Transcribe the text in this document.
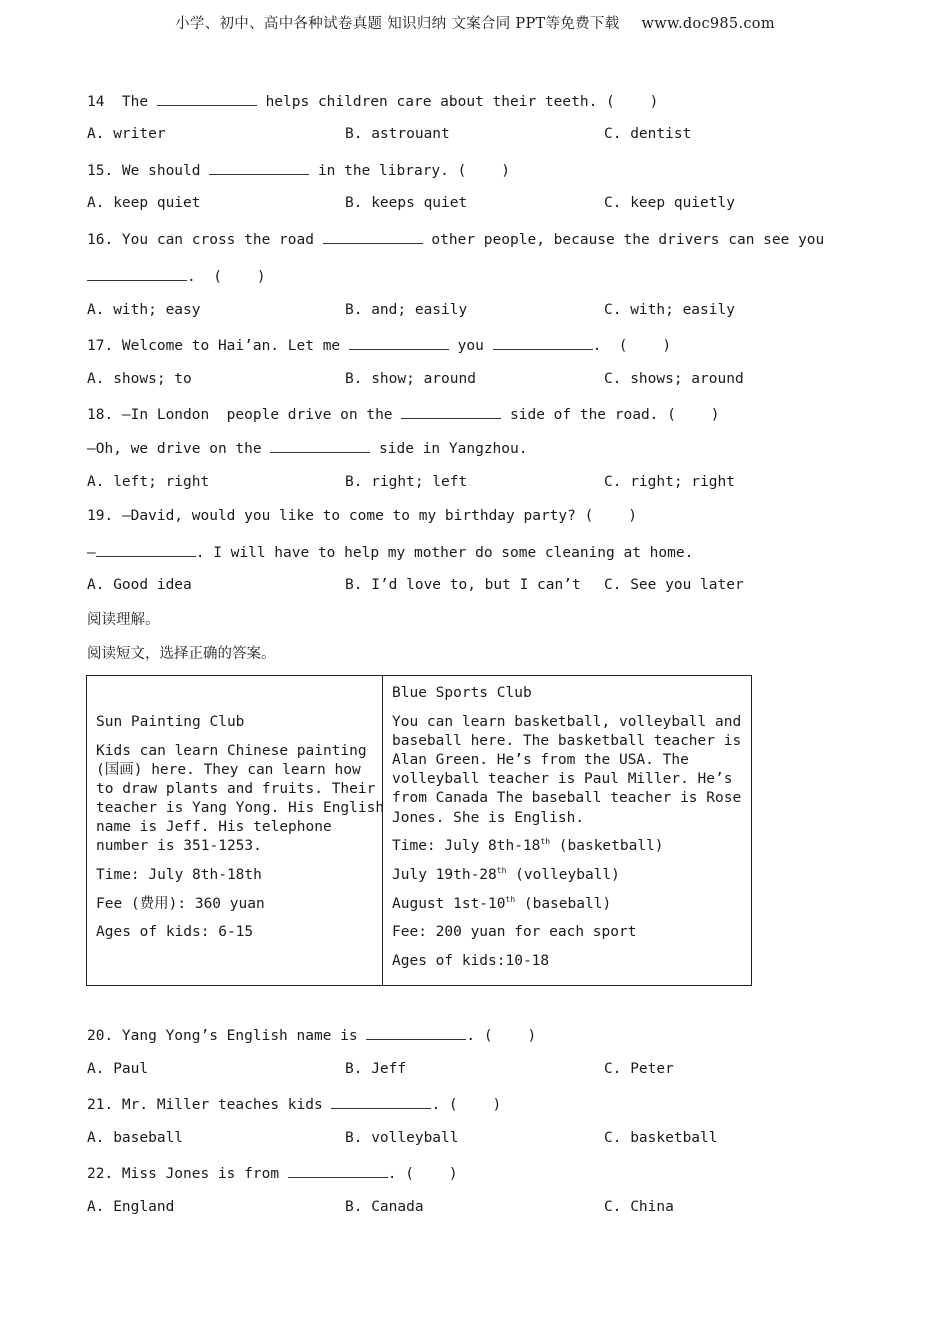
小学、初中、高中各种试卷真题 知识归纳 文案合同 PPT等免费下载 www.doc985.com
14  The	helps children care about their teeth. (    )
A. writer	B. astrouant	C. dentist
15. We should	in the library. (    )
A. keep quiet	B. keeps quiet	C. keep quietly
16. You can cross the road	other people, because the drivers can see you
.  (    )
A. with; easy	B. and; easily	C. with; easily
17. Welcome to Hai’an. Let me	you	.  (    )
A. shows; to	B. show; around	C. shows; around
18. —In London  people drive on the	side of the road. (    )
—Oh, we drive on the	side in Yangzhou.
A. left; right	B. right; left	C. right; right
19. —David, would you like to come to my birthday party? (    )
—	. I will have to help my mother do some cleaning at home.
A. Good idea	B. I’d love to, but I can’t C. See you later
阅读理解。
阅读短文，选择正确的答案。

Sun Painting Club

Kids can learn Chinese painting

(国画) here. They can learn how

to draw plants and fruits. Their

teacher is Yang Yong. His English

name is Jeff. His telephone

number is 351-1253.

Time: July 8th-18th

Fee (费用): 360 yuan

Ages of kids: 6-15

Blue Sports Club

You can learn basketball, volleyball and

baseball here. The basketball teacher is

Alan Green. He’s from the USA. The

volleyball teacher is Paul Miller. He’s

from Canada The baseball teacher is Rose

Jones. She is English.

Time: July 8th-18th (basketball)

July 19th-28th (volleyball)

August 1st-10th (baseball)

Fee: 200 yuan for each sport

Ages of kids:10-18

20. Yang Yong’s English name is	. (    )
A. Paul	B. Jeff	C. Peter
21. Mr. Miller teaches kids	. (    )
A. baseball	B. volleyball	C. basketball
22. Miss Jones is from	. (    )
A. England	B. Canada	C. China
